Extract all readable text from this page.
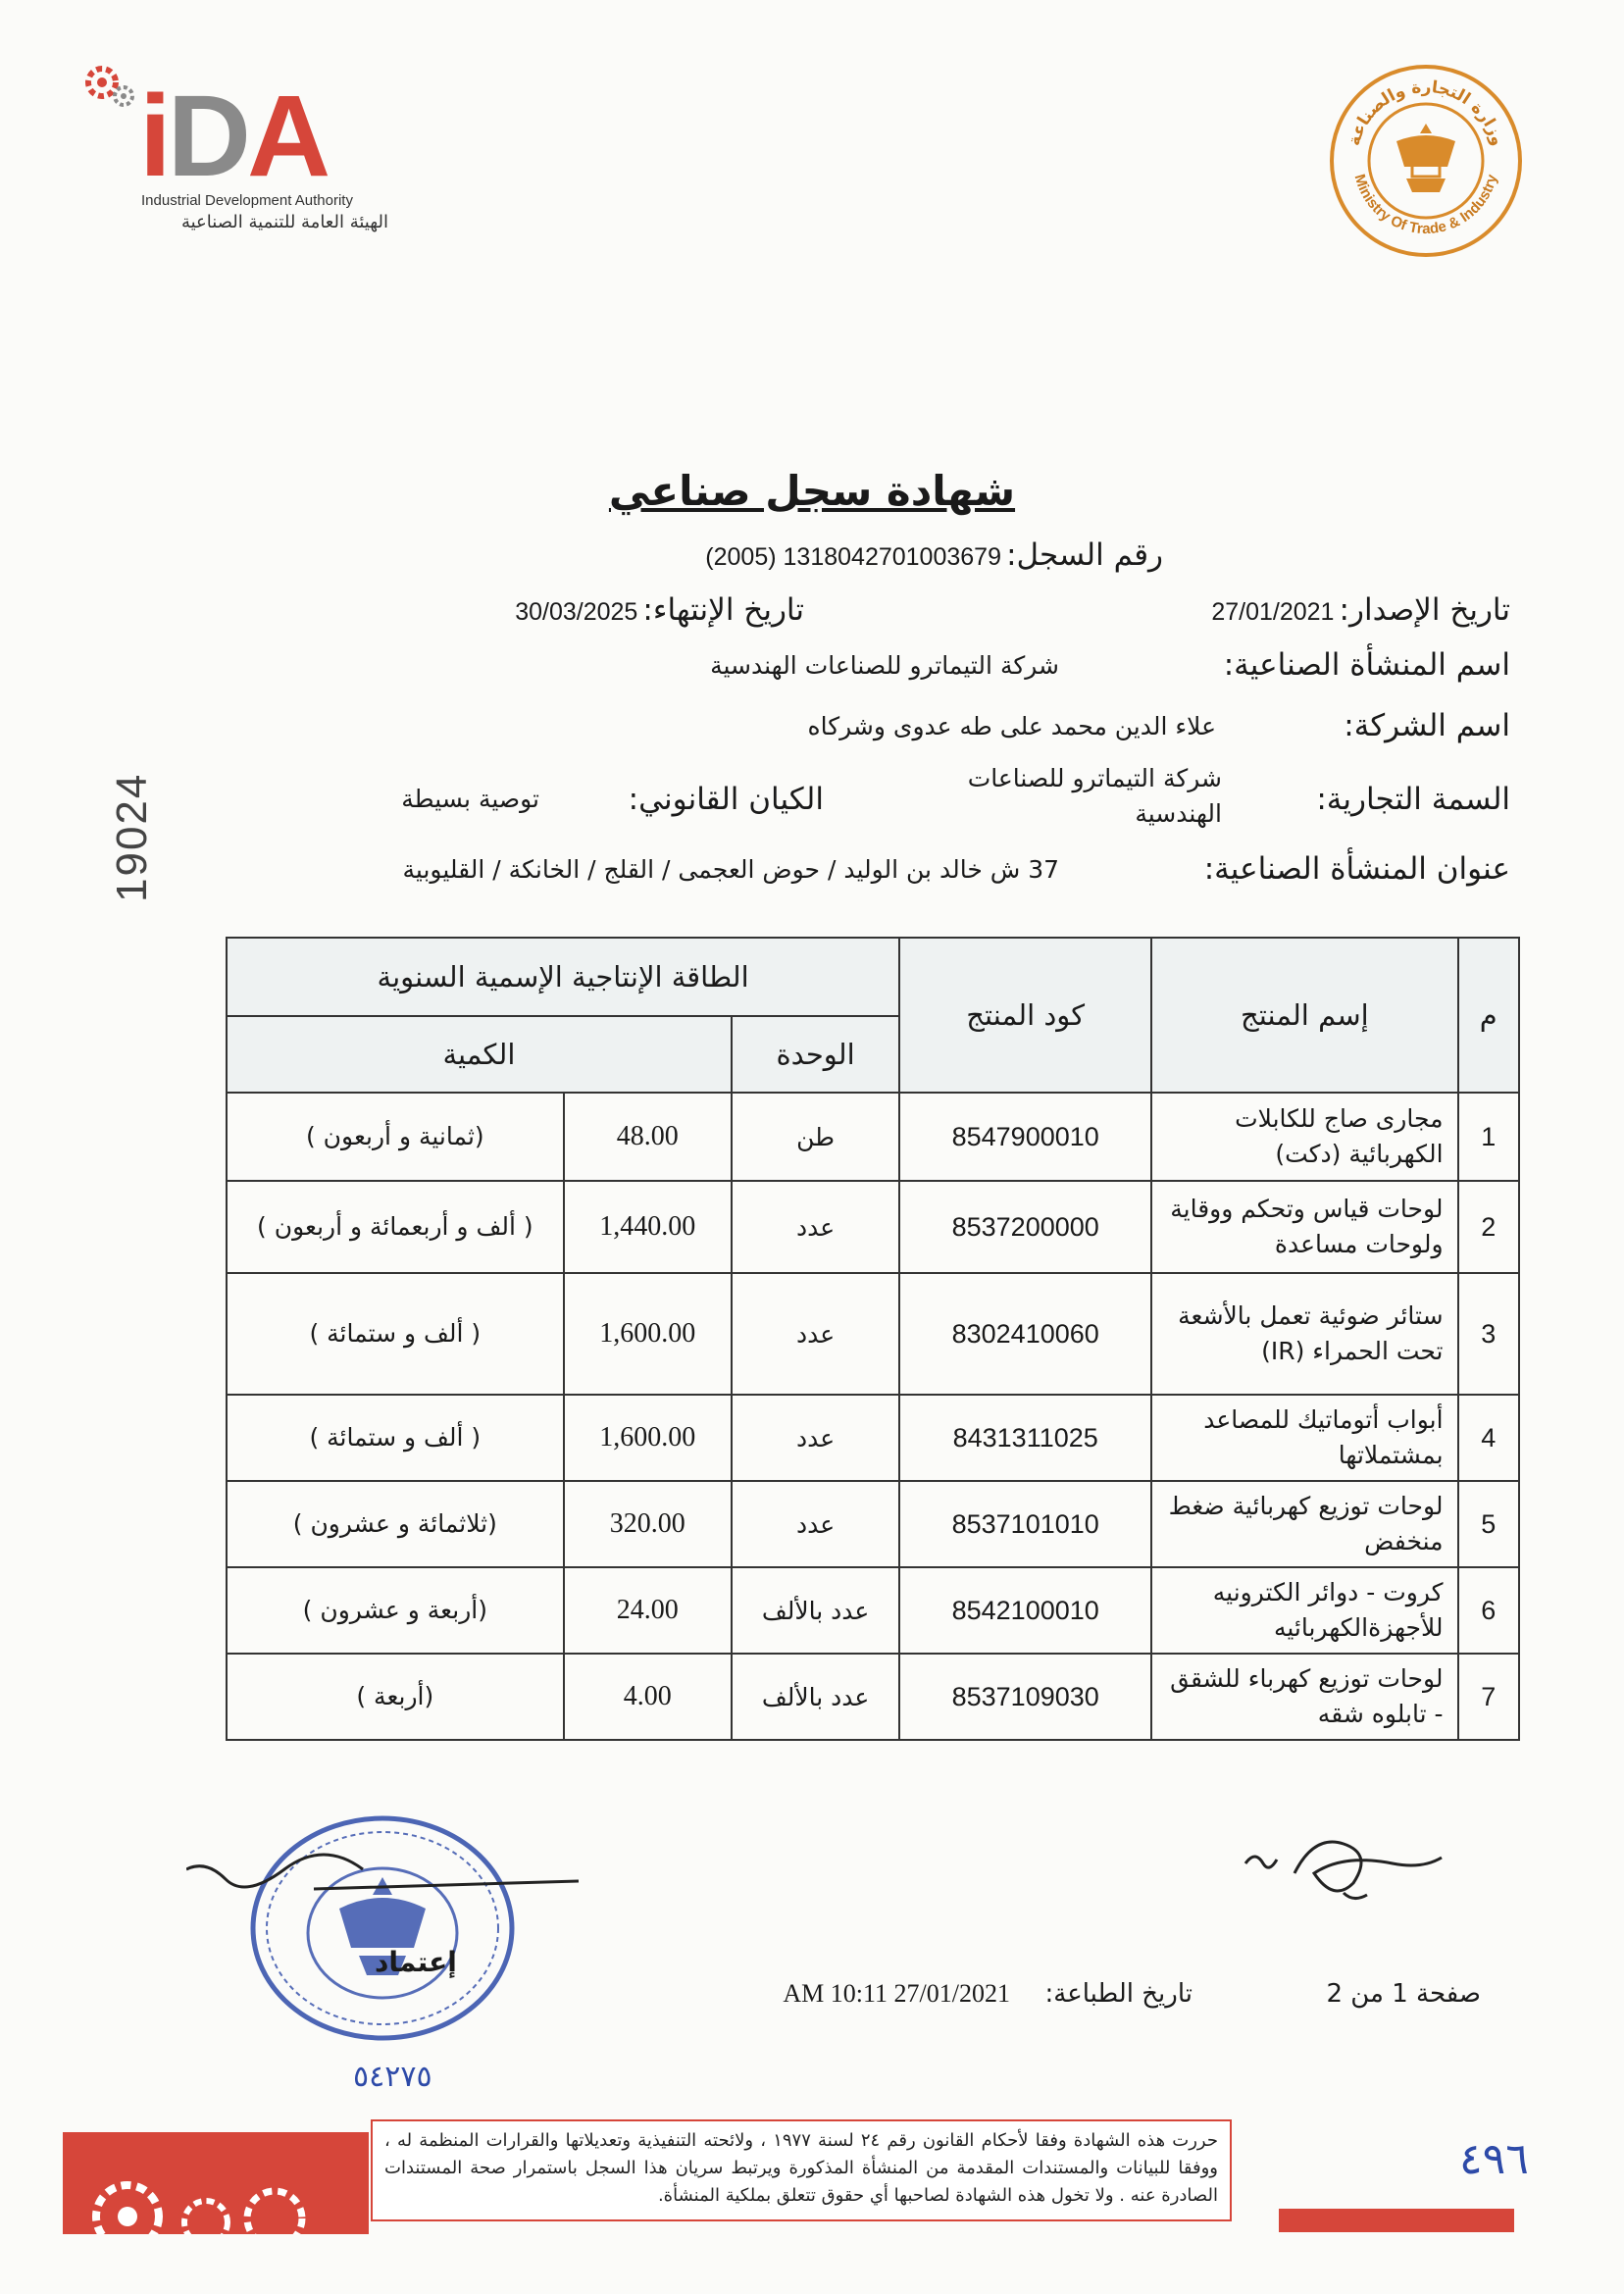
iDA
Industrial Development Authority
الهيئة العامة للتنمية الصناعية
وزارة التجارة والصناعة
Ministry Of Trade & Industry
شهادة سجل صناعي
رقم السجل: 1318042701003679 (2005)
تاريخ الإصدار: 27/01/2021
تاريخ الإنتهاء: 30/03/2025
اسم المنشأة الصناعية:
شركة التيماترو للصناعات الهندسية
اسم الشركة:
علاء الدين محمد على طه عدوى وشركاه
السمة التجارية:
شركة التيماترو للصناعات الهندسية
الكيان القانوني:
توصية بسيطة
عنوان المنشأة الصناعية:
37 ش خالد بن الوليد / حوض العجمى / القلج / الخانكة / القليوبية
19024
م	إسم المنتج	كود المنتج	الطاقة الإنتاجية الإسمية السنوية		
			الوحدة	الكمية	
1	مجارى صاج للكابلات الكهربائية (دكت)	8547900010	طن	48.00	(ثمانية و أربعون )
2	لوحات قياس وتحكم ووقاية ولوحات مساعدة	8537200000	عدد	1,440.00	( ألف و أربعمائة و أربعون )
3	ستائر ضوئية تعمل بالأشعة تحت الحمراء (IR)	8302410060	عدد	1,600.00	( ألف و ستمائة )
4	أبواب أتوماتيك للمصاعد بمشتملاتها	8431311025	عدد	1,600.00	( ألف و ستمائة )
5	لوحات توزيع كهربائية ضغط منخفض	8537101010	عدد	320.00	(ثلاثمائة و عشرون )
6	كروت - دوائر الكترونيه للأجهزةالكهربائيه	8542100010	عدد بالألف	24.00	(أربعة و عشرون )
7	لوحات توزيع كهرباء للشقق - تابلوه شقه	8537109030	عدد بالألف	4.00	(أربعة )
إعتماد
٥٤٢٧٥
صفحة 1 من 2
تاريخ الطباعة:
AM 10:11 27/01/2021
حررت هذه الشهادة وفقا لأحكام القانون رقم ٢٤ لسنة ١٩٧٧ ، ولائحته التنفيذية وتعديلاتها والقرارات المنظمة له ، ووفقا للبيانات والمستندات المقدمة من المنشأة المذكورة ويرتبط سريان هذا السجل باستمرار صحة المستندات الصادرة عنه . ولا تخول هذه الشهادة لصاحبها أي حقوق تتعلق بملكية المنشأة.
٤٩٦
